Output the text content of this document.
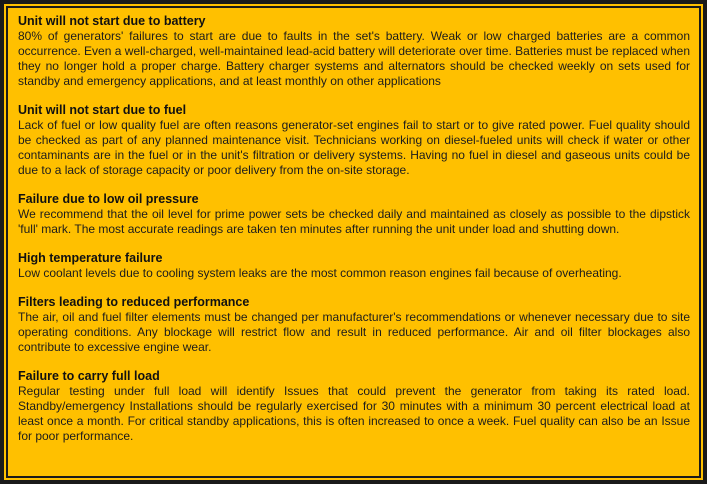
Unit will not start due to battery

80% of generators' failures to start are due to faults in the set's battery. Weak or low charged batteries are a common occurrence. Even a well-charged, well-maintained lead-acid battery will deteriorate over time. Batteries must be replaced when they no longer hold a proper charge. Battery charger systems and alternators should be checked weekly on sets used for standby and emergency applications, and at least monthly on other applications

Unit will not start due to fuel

Lack of fuel or low quality fuel are often reasons generator-set engines fail to start or to give rated power. Fuel quality should be checked as part of any planned maintenance visit. Technicians working on diesel-fueled units will check if water or other contaminants are in the fuel or in the unit's filtration or delivery systems. Having no fuel in diesel and gaseous units could be due to a lack of storage capacity or poor delivery from the on-site storage.

Failure due to low oil pressure

We recommend that the oil level for prime power sets be checked daily and maintained as closely as possible to the dipstick 'full' mark. The most accurate readings are taken ten minutes after running the unit under load and shutting down.

High temperature failure

Low coolant levels due to cooling system leaks are the most common reason engines fail because of overheating.

Filters leading to reduced performance

The air, oil and fuel filter elements must be changed per manufacturer's recommendations or whenever necessary due to site operating conditions. Any blockage will restrict flow and result in reduced performance. Air and oil filter blockages also contribute to excessive engine wear.

Failure to carry full load

Regular testing under full load will identify Issues that could prevent the generator from taking its rated load. Standby/emergency Installations should be regularly exercised for 30 minutes with a minimum 30 percent electrical load at least once a month. For critical standby applications, this is often increased to once a week. Fuel quality can also be an Issue for poor performance.
